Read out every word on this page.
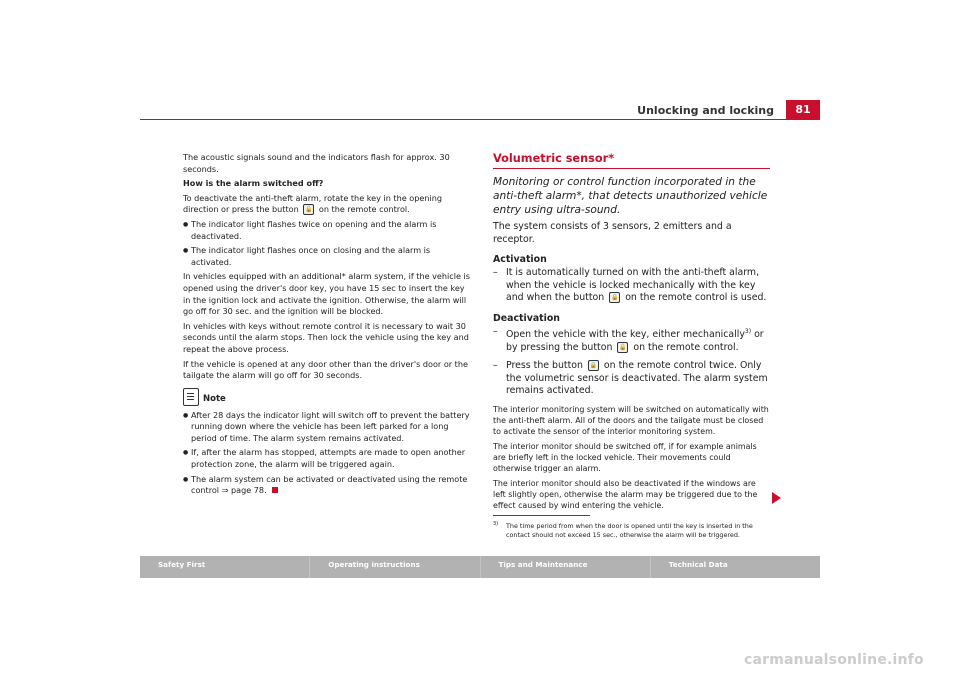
Unlocking and locking	81

The acoustic signals sound and the indicators flash for approx. 30 seconds.

How is the alarm switched off?

To deactivate the anti-theft alarm, rotate the key in the opening direction or press the button 🔓 on the remote control.

● The indicator light flashes twice on opening and the alarm is deactivated.

● The indicator light flashes once on closing and the alarm is activated.

In vehicles equipped with an additional* alarm system, if the vehicle is opened using the driver's door key, you have 15 sec to insert the key in the ignition lock and activate the ignition. Otherwise, the alarm will go off for 30 sec. and the ignition will be blocked.

In vehicles with keys without remote control it is necessary to wait 30 seconds until the alarm stops. Then lock the vehicle using the key and repeat the above process.

If the vehicle is opened at any door other than the driver's door or the tailgate the alarm will go off for 30 seconds.

Note

● After 28 days the indicator light will switch off to prevent the battery running down where the vehicle has been left parked for a long period of time. The alarm system remains activated.

● If, after the alarm has stopped, attempts are made to open another protection zone, the alarm will be triggered again.

● The alarm system can be activated or deactivated using the remote control ⇒ page 78.

Volumetric sensor*

Monitoring or control function incorporated in the anti-theft alarm*, that detects unauthorized vehicle entry using ultra-sound.

The system consists of 3 sensors, 2 emitters and a receptor.

Activation

– It is automatically turned on with the anti-theft alarm, when the vehicle is locked mechanically with the key and when the button 🔒 on the remote control is used.

Deactivation

– Open the vehicle with the key, either mechanically$^{3)}$ or by pressing the button 🔓 on the remote control.

– Press the button 🔒 on the remote control twice. Only the volumetric sensor is deactivated. The alarm system remains activated.

The interior monitoring system will be switched on automatically with the anti-theft alarm. All of the doors and the tailgate must be closed to activate the sensor of the interior monitoring system.

The interior monitor should be switched off, if for example animals are briefly left in the locked vehicle. Their movements could otherwise trigger an alarm.

The interior monitor should also be deactivated if the windows are left slightly open, otherwise the alarm may be triggered due to the effect caused by wind entering the vehicle.

3)	The time period from when the door is opened until the key is inserted in the contact should not exceed 15 sec., otherwise the alarm will be triggered.
Safety First	Operating instructions	Tips and Maintenance	Technical Data
carmanualsonline.info
